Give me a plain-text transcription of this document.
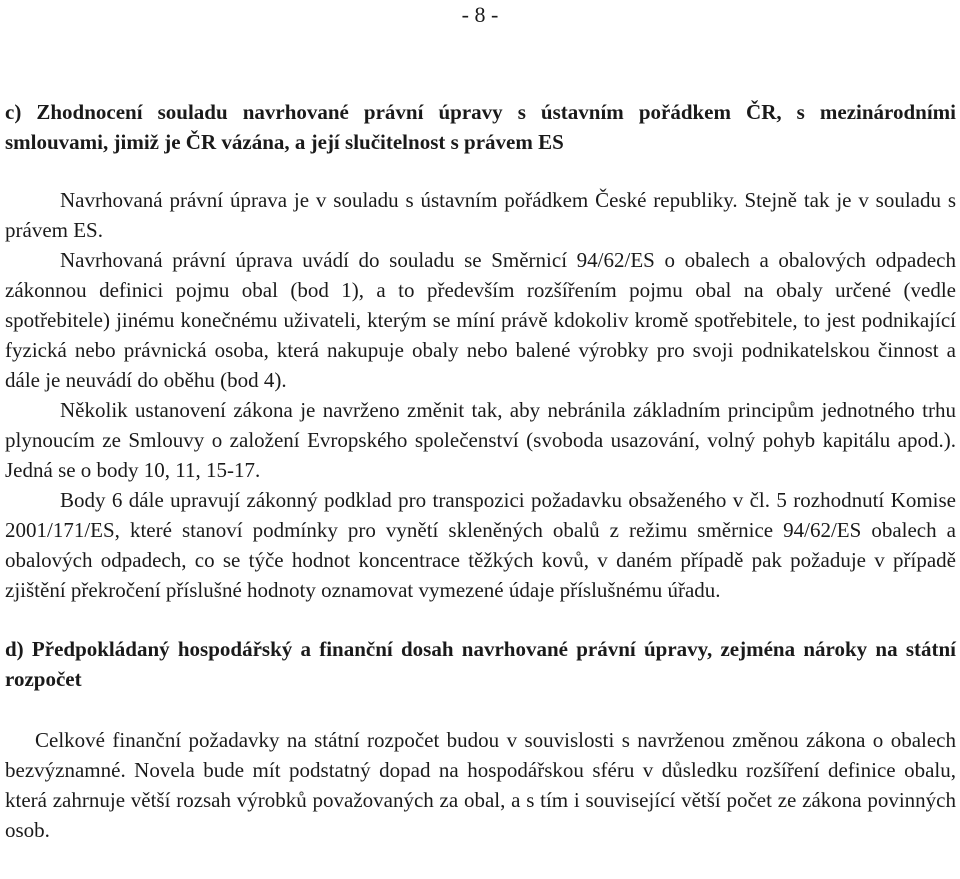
- 8 -

c) Zhodnocení souladu navrhované právní úpravy s ústavním pořádkem ČR, s mezinárodními smlouvami, jimiž je ČR vázána, a její slučitelnost s právem ES

Navrhovaná právní úprava je v souladu s ústavním pořádkem České republiky. Stejně tak je v souladu s právem ES.

Navrhovaná právní úprava uvádí do souladu se Směrnicí 94/62/ES o obalech a obalových odpadech zákonnou definici pojmu obal (bod 1), a to především rozšířením pojmu obal na obaly určené (vedle spotřebitele) jinému konečnému uživateli, kterým se míní právě kdokoliv kromě spotřebitele, to jest podnikající fyzická nebo právnická osoba, která nakupuje obaly nebo balené výrobky pro svoji podnikatelskou činnost a dále je neuvádí do oběhu (bod 4).

Několik ustanovení zákona je navrženo změnit tak, aby nebránila základním principům jednotného trhu plynoucím ze Smlouvy o založení Evropského společenství (svoboda usazování, volný pohyb kapitálu apod.). Jedná se o body 10, 11, 15-17.

Body 6 dále upravují zákonný podklad pro transpozici požadavku obsaženého v čl. 5 rozhodnutí Komise 2001/171/ES, které stanoví podmínky pro vynětí skleněných obalů z režimu směrnice 94/62/ES obalech a obalových odpadech, co se týče hodnot koncentrace těžkých kovů, v daném případě pak požaduje v případě zjištění překročení příslušné hodnoty oznamovat vymezené údaje příslušnému úřadu.

d) Předpokládaný hospodářský a finanční dosah navrhované právní úpravy, zejména nároky na státní rozpočet

Celkové finanční požadavky na státní rozpočet budou v souvislosti s navrženou změnou zákona o obalech bezvýznamné. Novela bude mít podstatný dopad na hospodářskou sféru v důsledku rozšíření definice obalu, která zahrnuje větší rozsah výrobků považovaných za obal, a s tím i související větší počet ze zákona povinných osob.
